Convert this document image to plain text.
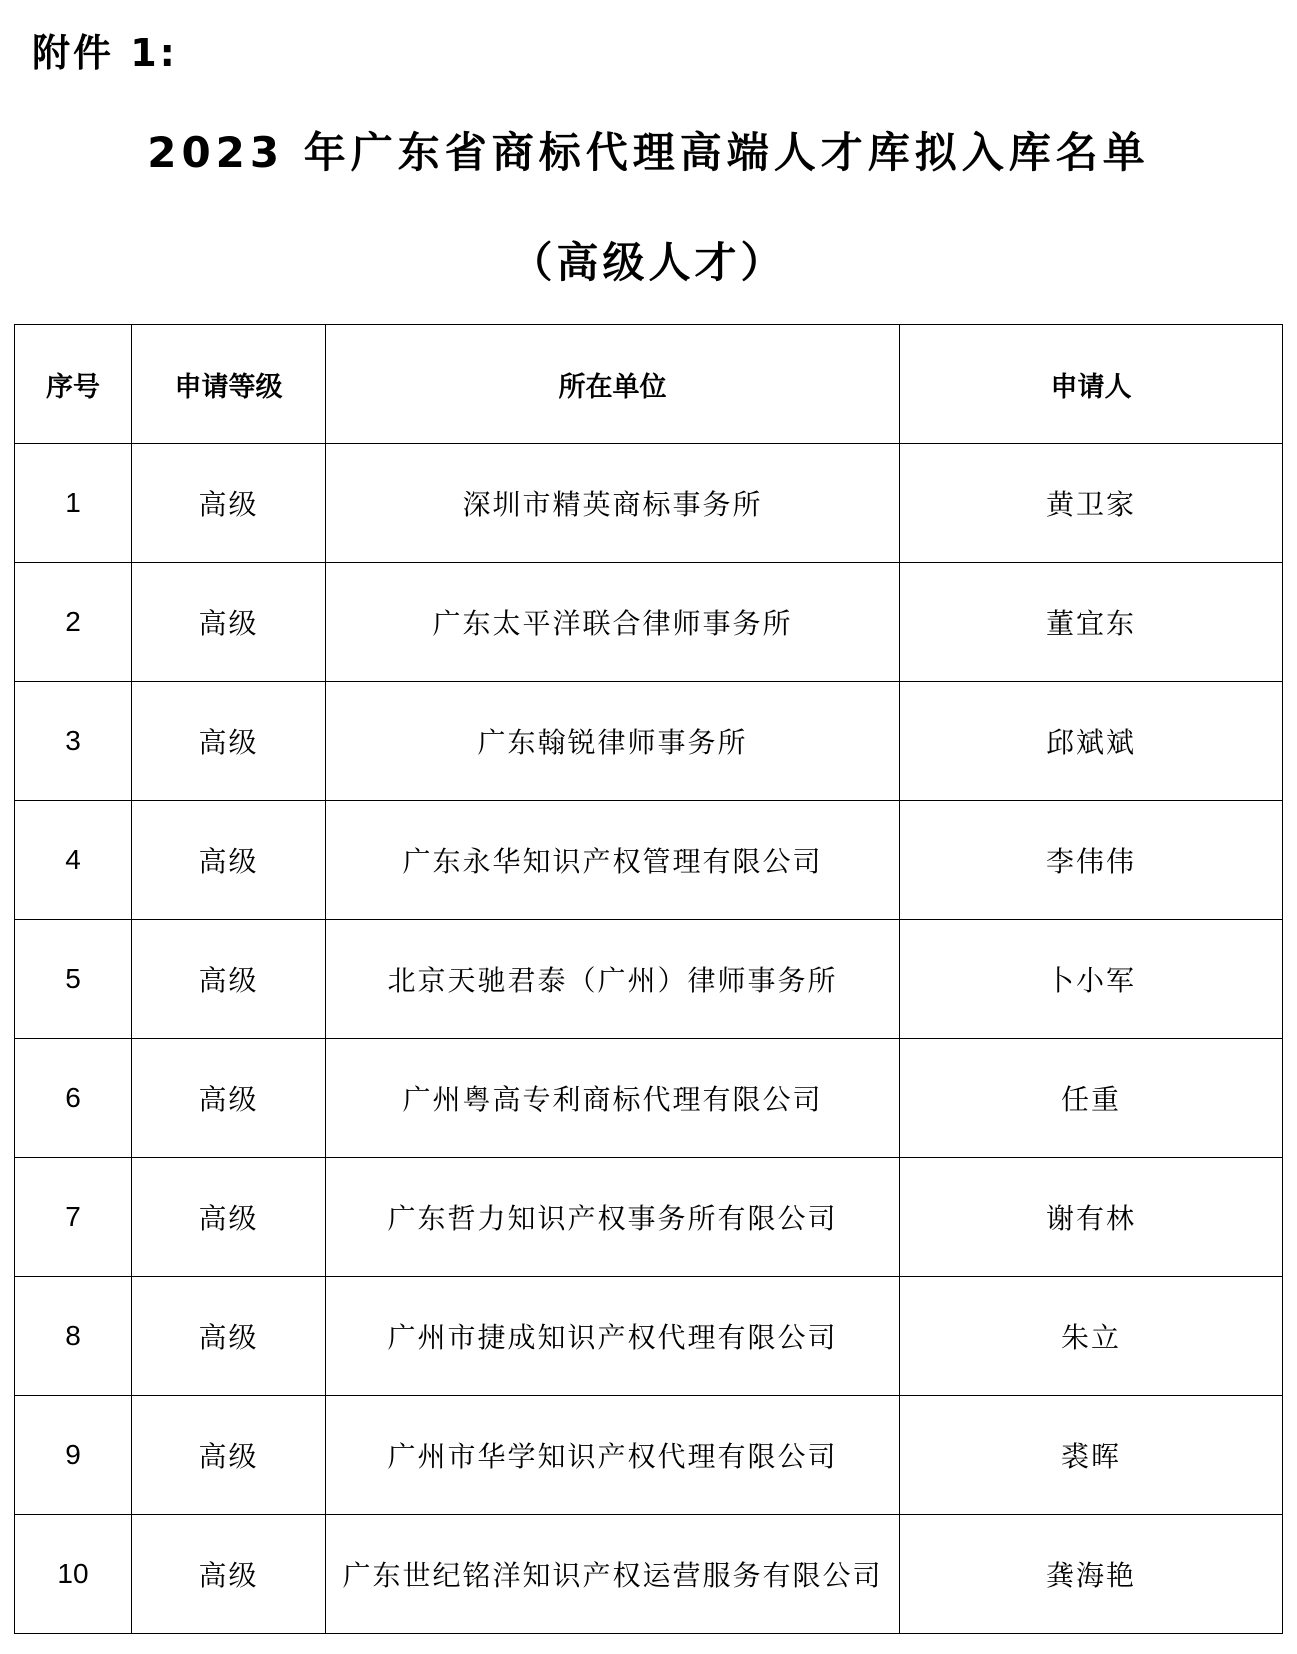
附件 1:
2023 年广东省商标代理高端人才库拟入库名单
（高级人才）
序号	申请等级	所在单位	申请人
1	高级	深圳市精英商标事务所	黄卫家
2	高级	广东太平洋联合律师事务所	董宜东
3	高级	广东翰锐律师事务所	邱斌斌
4	高级	广东永华知识产权管理有限公司	李伟伟
5	高级	北京天驰君泰（广州）律师事务所	卜小军
6	高级	广州粤高专利商标代理有限公司	任重
7	高级	广东哲力知识产权事务所有限公司	谢有林
8	高级	广州市捷成知识产权代理有限公司	朱立
9	高级	广州市华学知识产权代理有限公司	裘晖
10	高级	广东世纪铭洋知识产权运营服务有限公司	龚海艳
